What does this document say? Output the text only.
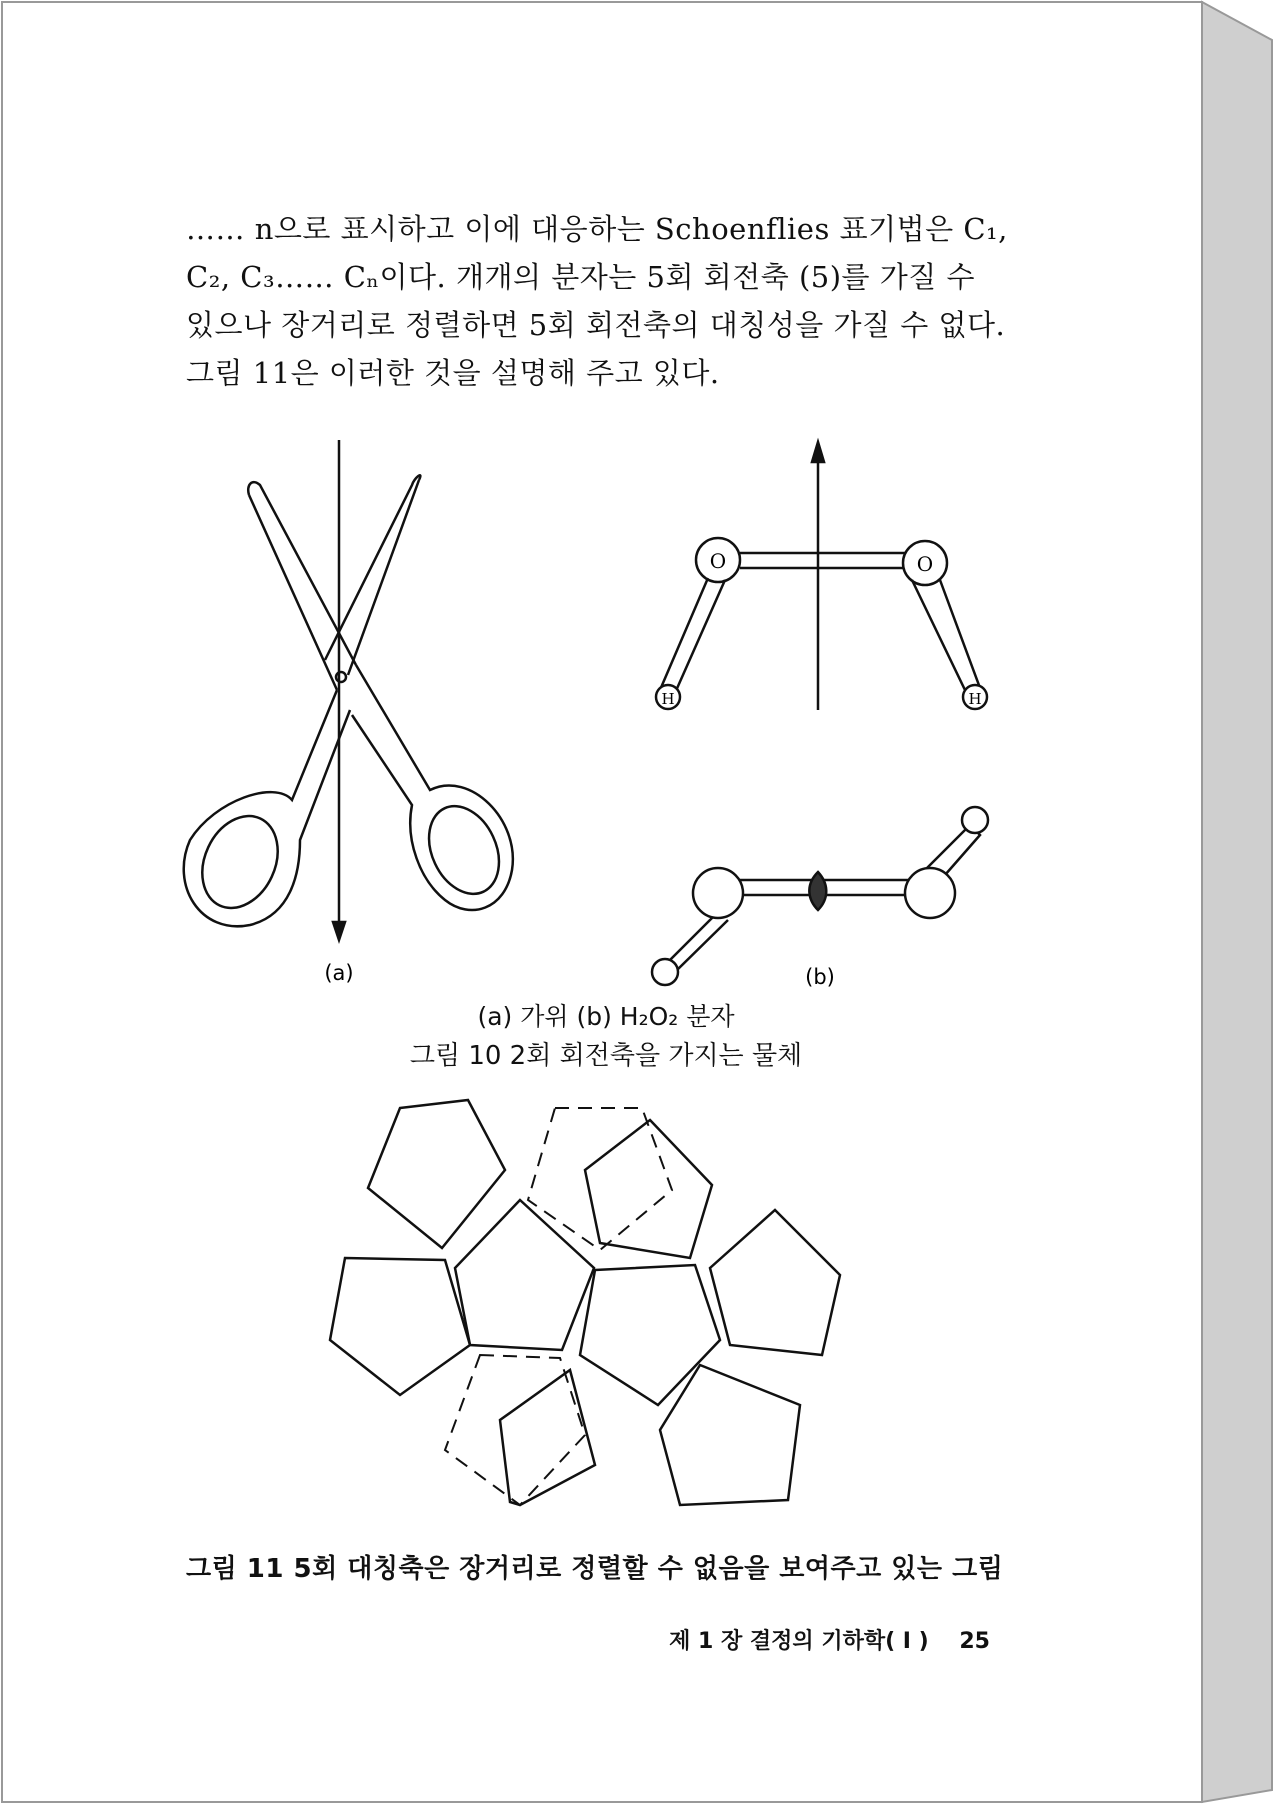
…… n으로 표시하고 이에 대응하는 Schoenflies 표기법은 C₁,

C₂, C₃…… Cₙ이다. 개개의 분자는 5회 회전축 (5)를 가질 수

있으나 장거리로 정렬하면 5회 회전축의 대칭성을 가질 수 없다.

그림 11은 이러한 것을 설명해 주고 있다.

(a)
O	O
H	H
(b)
(a) 가위 (b) H₂O₂ 분자
그림 10 2회 회전축을 가지는 물체
그림 11 5회 대칭축은 장거리로 정렬할 수 없음을 보여주고 있는 그림
제 1 장 결정의 기하학( I ) 25
